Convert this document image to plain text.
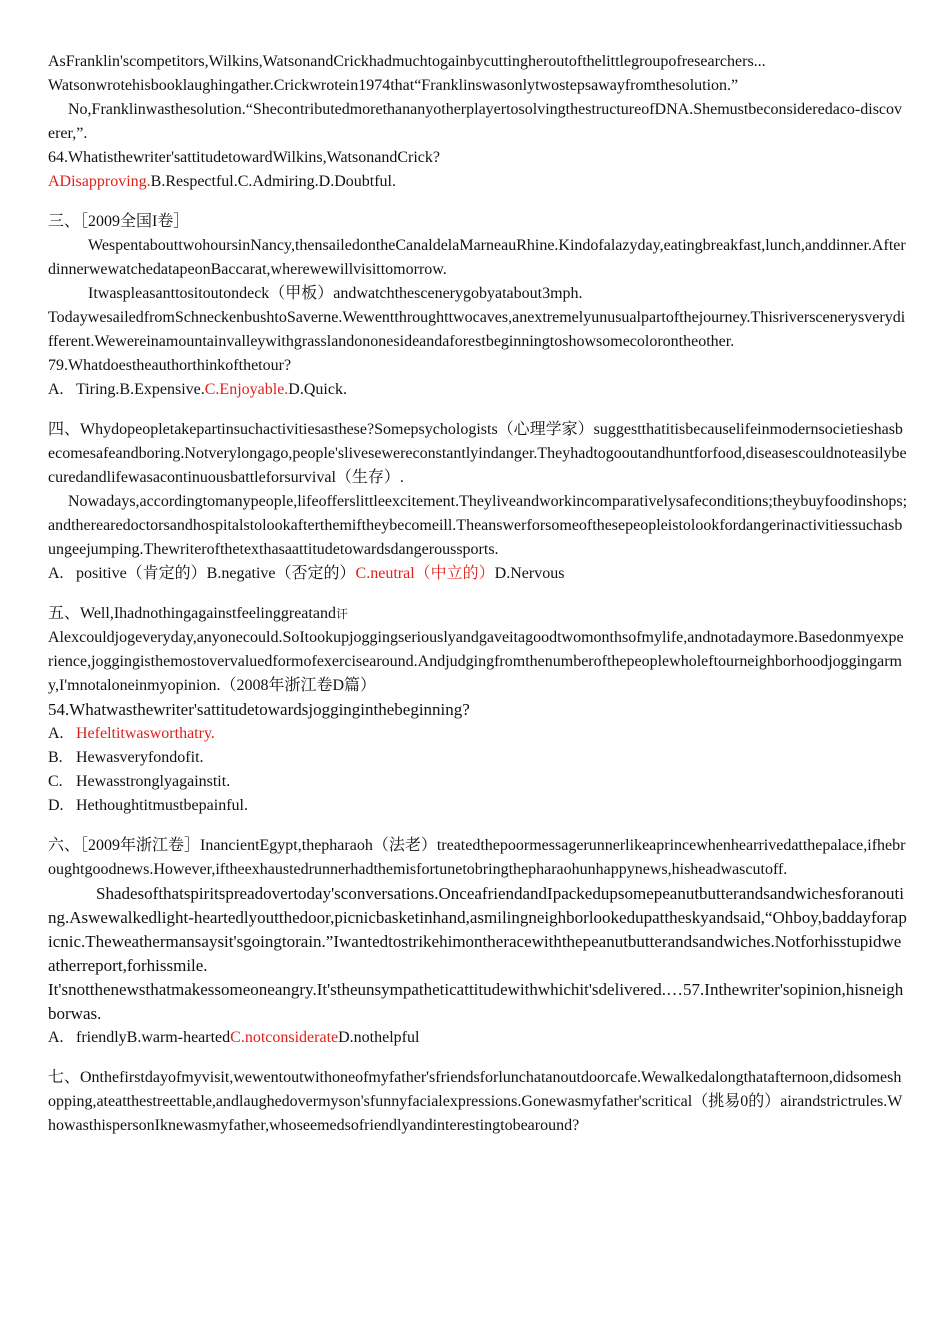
AsFranklin'scompetitors,Wilkins,WatsonandCrickhadmuchtogainbycuttingheroutofthelittlegroupofresearchers...

Watsonwrotehisbooklaughingather.Crickwrotein1974that“Franklinswasonlytwostepsawayfromthesolution.”

No,Franklinwasthesolution.“ShecontributedmorethananyotherplayertosolvingthestructureofDNA.Shemustbeconsideredaco-discoverer,”.

64.Whatisthewriter'sattitudetowardWilkins,WatsonandCrick?

ADisapproving.B.Respectful.C.Admiring.D.Doubtful.

三、［2009全国I卷］

WespentabouttwohoursinNancy,thensailedontheCanaldelaMarneauRhine.Kindofalazyday,eatingbreakfast,lunch,anddinner.AfterdinnerwewatchedatapeonBaccarat,wherewewillvisittomorrow.

Itwaspleasanttositoutondeck（甲板）andwatchthescenerygobyatabout3mph.

TodaywesailedfromSchneckenbushtoSaverne.Wewentthroughttwocaves,anextremelyunusualpartofthejourney.Thisriverscenerysverydifferent.Wewereinamountainvalleywithgrasslandononesideandaforestbeginningtoshowsomecolorontheother.

79.Whatdoestheauthorthinkofthetour?

A. Tiring.B.Expensive.C.Enjoyable.D.Quick.

四、Whydopeopletakepartinsuchactivitiesasthese?Somepsychologists（心理学家）suggestthatitisbecauselifeinmodernsocietieshasbecomesafeandboring.Notverylongago,people'slivesewereconstantlyindanger.Theyhadtogooutandhuntforfood,diseasescouldnoteasilybecuredandlifewasacontinuousbattleforsurvival（生存）.

Nowadays,accordingtomanypeople,lifeofferslittleexcitement.Theyliveandworkincomparativelysafeconditions;theybuyfoodinshops;andtherearedoctorsandhospitalstolookafterthemiftheybecomeill.Theanswerforsomeofthesepeopleistolookfordangerinactivitiessuchasbungeejumping.Thewriterofthetexthasaattitudetowardsdangeroussports.

A. positive（肯定的）B.negative（否定的）C.neutral（中立的）D.Nervous

五、Well,Ihadnothingagainstfeelinggreatand讦

Alexcouldjogeveryday,anyonecould.SoItookupjoggingseriouslyandgaveitagoodtwomonthsofmylife,andnotadaymore.Basedonmyexperience,joggingisthemostovervaluedformofexercisearound.Andjudgingfromthenumberofthepeoplewholeftourneighborhoodjoggingarmy,I'mnotaloneinmyopinion.（2008年浙江卷D篇）

54.Whatwasthewriter'sattitudetowardsjogginginthebeginning?

A. Hefeltitwasworthatry.

B. Hewasveryfondofit.

C. Hewasstronglyagainstit.

D. Hethoughtitmustbepainful.

六、［2009年浙江卷］InancientEgypt,thepharaoh（法老）treatedthepoormessagerunnerlikeaprincewhenhearrivedatthepalace,ifhebroughtgoodnews.However,iftheexhaustedrunnerhadthemisfortunetobringthepharaohunhappynews,hisheadwascutoff.

Shadesofthatspiritspreadovertoday'sconversations.OnceafriendandIpackedupsomepeanutbutterandsandwichesforanouting.Aswewalkedlight-heartedlyoutthedoor,picnicbasketinhand,asmilingneighborlookedupattheskyandsaid,“Ohboy,baddayforapicnic.Theweathermansaysit'sgoingtorain.”Iwantedtostrikehimontheracewiththepeanutbutterandsandwiches.Notforhisstupidweatherreport,forhissmile.

It'snotthenewsthatmakessomeoneangry.It'stheunsympatheticattitudewithwhichit'sdelivered.…57.Inthewriter'sopinion,hisneighborwas.

A. friendlyB.warm-heartedC.notconsiderateD.nothelpful

七、Onthefirstdayofmyvisit,wewentoutwithoneofmyfather'sfriendsforlunchatanoutdoorcafe.Wewalkedalongthatafternoon,didsomeshopping,ateatthestreettable,andlaughedovermyson'sfunnyfacialexpressions.Gonewasmyfather'scritical（挑易0的）airandstrictrules.WhowasthispersonIknewasmyfather,whoseemedsofriendlyandinterestingtobearound?
